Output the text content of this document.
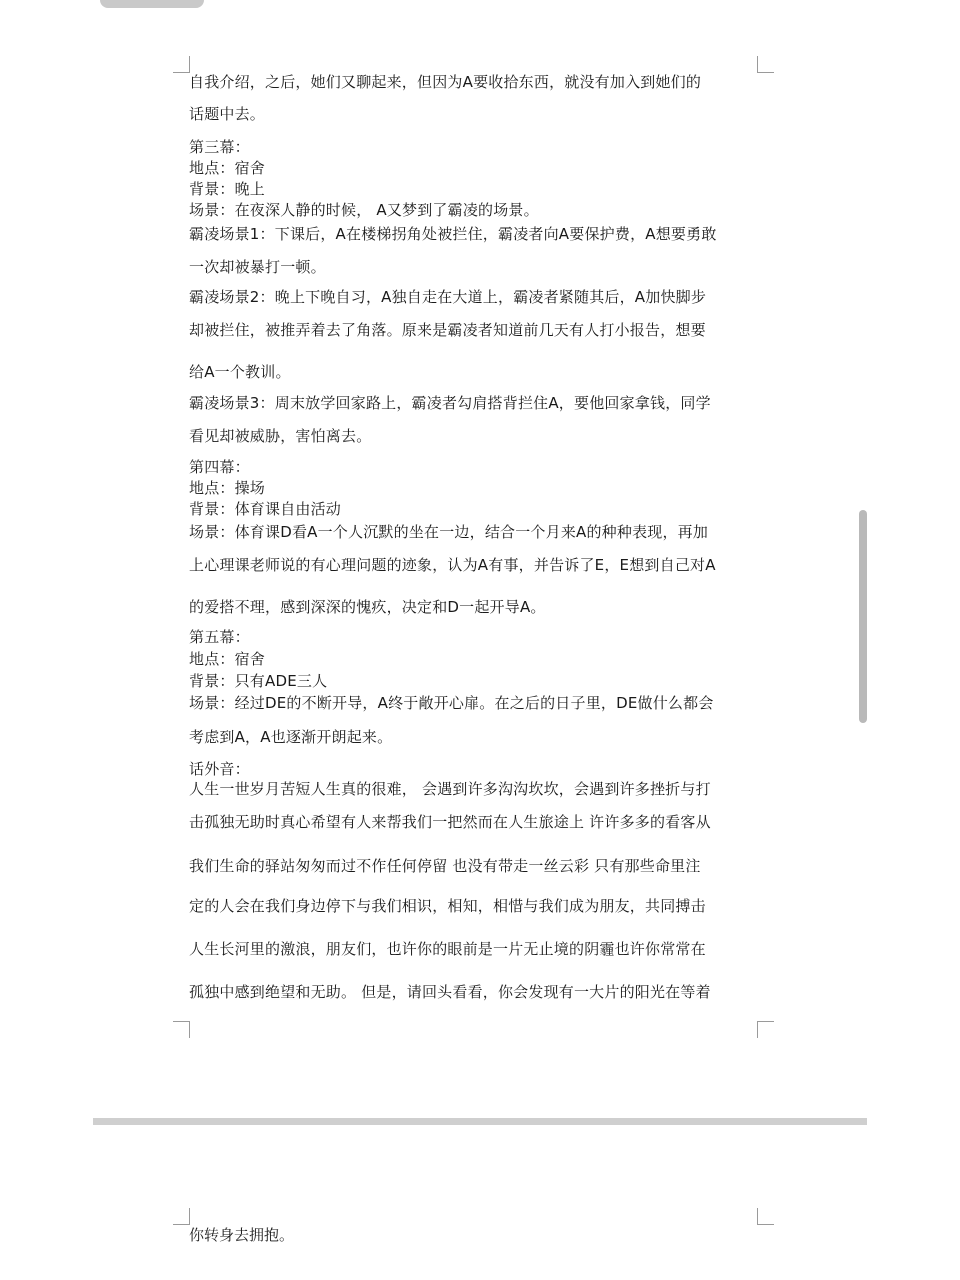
自我介绍，之后，她们又聊起来，但因为A要收拾东西，就没有加入到她们的
话题中去。
第三幕：
地点：宿舍
背景：晚上
场景：在夜深人静的时候， A又梦到了霸凌的场景。
霸凌场景1：下课后，A在楼梯拐角处被拦住，霸凌者向A要保护费，A想要勇敢
一次却被暴打一顿。
霸凌场景2：晚上下晚自习，A独自走在大道上，霸凌者紧随其后，A加快脚步
却被拦住，被推弄着去了角落。原来是霸凌者知道前几天有人打小报告，想要
给A一个教训。
霸凌场景3：周末放学回家路上，霸凌者勾肩搭背拦住A，要他回家拿钱，同学
看见却被威胁，害怕离去。
第四幕：
地点：操场
背景：体育课自由活动
场景：体育课D看A一个人沉默的坐在一边，结合一个月来A的种种表现，再加
上心理课老师说的有心理问题的迹象，认为A有事，并告诉了E，E想到自己对A
的爱搭不理，感到深深的愧疚，决定和D一起开导A。
第五幕：
地点：宿舍
背景：只有ADE三人
场景：经过DE的不断开导，A终于敞开心扉。在之后的日子里，DE做什么都会
考虑到A，A也逐渐开朗起来。
话外音：
人生一世岁月苦短人生真的很难， 会遇到许多沟沟坎坎，会遇到许多挫折与打
击孤独无助时真心希望有人来帮我们一把然而在人生旅途上 许许多多的看客从
我们生命的驿站匆匆而过不作任何停留 也没有带走一丝云彩 只有那些命里注
定的人会在我们身边停下与我们相识，相知，相惜与我们成为朋友，共同搏击
人生长河里的激浪，朋友们，也许你的眼前是一片无止境的阴霾也许你常常在
孤独中感到绝望和无助。 但是，请回头看看，你会发现有一大片的阳光在等着
你转身去拥抱。
